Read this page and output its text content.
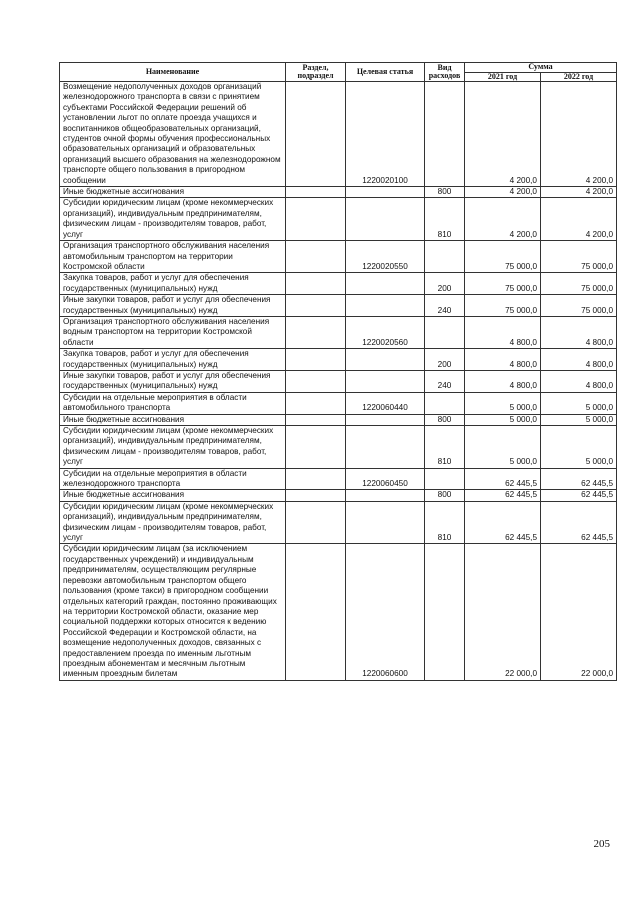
Наименование	Раздел, подраздел	Целевая статья	Вид расходов	Сумма	
				2021 год	2022 год
Возмещение недополученных доходов организаций железнодорожного транспорта в связи с принятием субъектами Российской Федерации решений об установлении льгот по оплате проезда учащихся и воспитанников общеобразовательных организаций, студентов очной формы обучения профессиональных образовательных организаций и образовательных организаций высшего образования на железнодорожном транспорте общего пользования в пригородном сообщении		1220020100		4 200,0	4 200,0
Иные бюджетные ассигнования			800	4 200,0	4 200,0
Субсидии юридическим лицам (кроме некоммерческих организаций), индивидуальным предпринимателям, физическим лицам - производителям товаров, работ, услуг			810	4 200,0	4 200,0
Организация транспортного обслуживания населения автомобильным транспортом на территории Костромской области		1220020550		75 000,0	75 000,0
Закупка товаров, работ и услуг для обеспечения государственных (муниципальных) нужд			200	75 000,0	75 000,0
Иные закупки товаров, работ и услуг для обеспечения государственных (муниципальных) нужд			240	75 000,0	75 000,0
Организация транспортного обслуживания населения водным транспортом на территории Костромской области		1220020560		4 800,0	4 800,0
Закупка товаров, работ и услуг для обеспечения государственных (муниципальных) нужд			200	4 800,0	4 800,0
Иные закупки товаров, работ и услуг для обеспечения государственных (муниципальных) нужд			240	4 800,0	4 800,0
Субсидии на отдельные мероприятия в области автомобильного транспорта		1220060440		5 000,0	5 000,0
Иные бюджетные ассигнования			800	5 000,0	5 000,0
Субсидии юридическим лицам (кроме некоммерческих организаций), индивидуальным предпринимателям, физическим лицам - производителям товаров, работ, услуг			810	5 000,0	5 000,0
Субсидии на отдельные мероприятия в области железнодорожного транспорта		1220060450		62 445,5	62 445,5
Иные бюджетные ассигнования			800	62 445,5	62 445,5
Субсидии юридическим лицам (кроме некоммерческих организаций), индивидуальным предпринимателям, физическим лицам - производителям товаров, работ, услуг			810	62 445,5	62 445,5
Субсидии юридическим лицам (за исключением государственных учреждений) и индивидуальным предпринимателям, осуществляющим регулярные перевозки автомобильным транспортом общего пользования (кроме такси) в пригородном сообщении отдельных категорий граждан, постоянно проживающих на территории Костромской области, оказание мер социальной поддержки которых относится к ведению Российской Федерации и Костромской области, на возмещение недополученных доходов, связанных с предоставлением проезда по именным льготным проездным абонементам и месячным льготным именным проездным билетам		1220060600		22 000,0	22 000,0
205
